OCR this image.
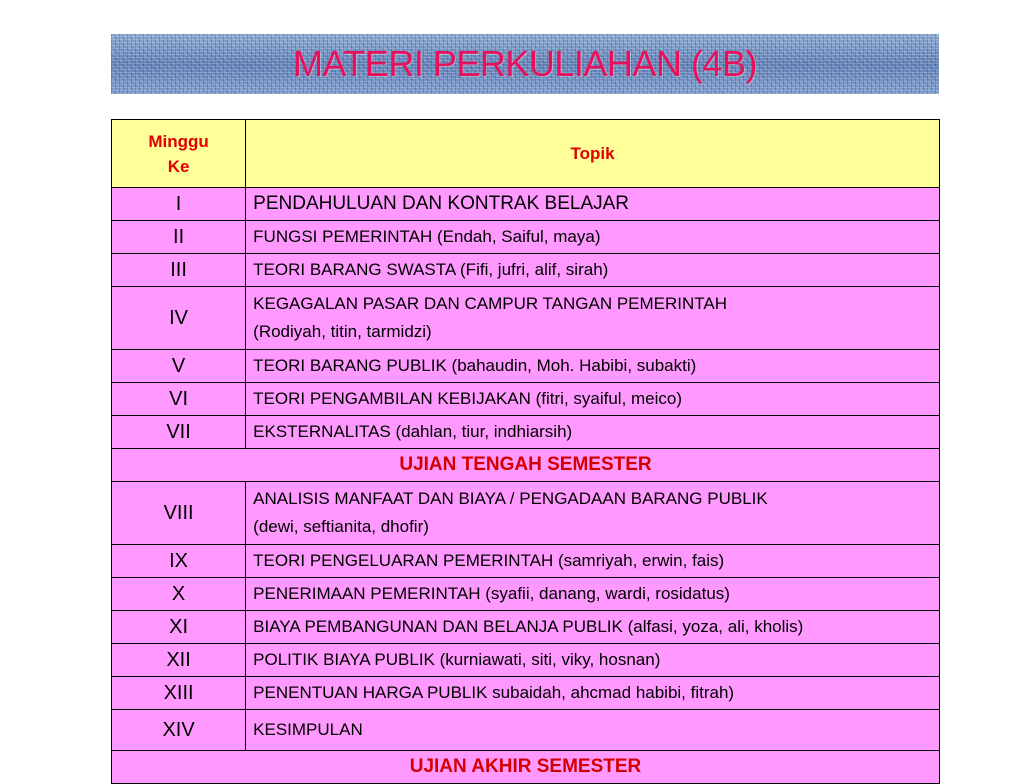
MATERI PERKULIAHAN (4B)
Minggu
Ke	Topik
I	PENDAHULUAN DAN KONTRAK BELAJAR
II	FUNGSI PEMERINTAH (Endah, Saiful, maya)
III	TEORI BARANG SWASTA (Fifi, jufri, alif, sirah)
IV	KEGAGALAN PASAR DAN CAMPUR TANGAN PEMERINTAH
(Rodiyah, titin, tarmidzi)

V	TEORI BARANG PUBLIK (bahaudin, Moh. Habibi, subakti)
VI	TEORI PENGAMBILAN KEBIJAKAN (fitri, syaiful, meico)
VII	EKSTERNALITAS (dahlan, tiur, indhiarsih)
UJIAN TENGAH SEMESTER	
VIII	ANALISIS MANFAAT DAN BIAYA / PENGADAAN BARANG PUBLIK
(dewi, seftianita, dhofir)

IX	TEORI PENGELUARAN PEMERINTAH (samriyah, erwin, fais)
X	PENERIMAAN PEMERINTAH (syafii, danang, wardi, rosidatus)
XI	BIAYA PEMBANGUNAN DAN BELANJA PUBLIK (alfasi, yoza, ali, kholis)
XII	POLITIK BIAYA PUBLIK (kurniawati, siti, viky, hosnan)
XIII	PENENTUAN HARGA PUBLIK subaidah, ahcmad habibi, fitrah)
XIV	KESIMPULAN
UJIAN AKHIR SEMESTER	
